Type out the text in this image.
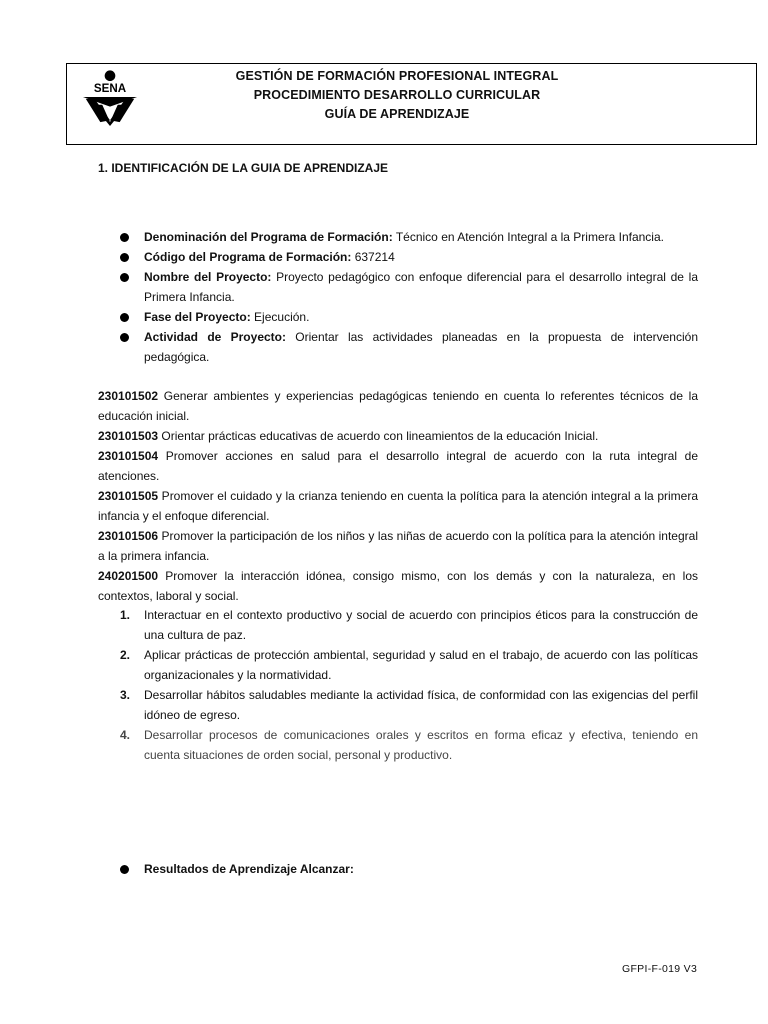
SENA
GESTIÓN DE FORMACIÓN PROFESIONAL INTEGRAL
PROCEDIMIENTO DESARROLLO CURRICULAR
GUÍA DE APRENDIZAJE
1. IDENTIFICACIÓN DE LA GUIA DE APRENDIZAJE
Denominación del Programa de Formación: Técnico en Atención Integral a la Primera Infancia.
Código del Programa de Formación: 637214
Nombre del Proyecto: Proyecto pedagógico con enfoque diferencial para el desarrollo integral de la Primera Infancia.
Fase del Proyecto: Ejecución.
Actividad de Proyecto: Orientar las actividades planeadas en la propuesta de intervención pedagógica.
230101502 Generar ambientes y experiencias pedagógicas teniendo en cuenta lo referentes técnicos de la educación inicial.
230101503 Orientar prácticas educativas de acuerdo con lineamientos de la educación Inicial.
230101504 Promover acciones en salud para el desarrollo integral de acuerdo con la ruta integral de atenciones.
230101505 Promover el cuidado y la crianza teniendo en cuenta la política para la atención integral a la primera infancia y el enfoque diferencial.
230101506 Promover la participación de los niños y las niñas de acuerdo con la política para la atención integral a la primera infancia.
240201500 Promover la interacción idónea, consigo mismo, con los demás y con la naturaleza, en los contextos, laboral y social.
1. Interactuar en el contexto productivo y social de acuerdo con principios éticos para la construcción de una cultura de paz.
2. Aplicar prácticas de protección ambiental, seguridad y salud en el trabajo, de acuerdo con las políticas organizacionales y la normatividad.
3. Desarrollar hábitos saludables mediante la actividad física, de conformidad con las exigencias del perfil idóneo de egreso.
4. Desarrollar procesos de comunicaciones orales y escritos en forma eficaz y efectiva, teniendo en cuenta situaciones de orden social, personal y productivo.
Resultados de Aprendizaje Alcanzar:
GFPI-F-019 V3
